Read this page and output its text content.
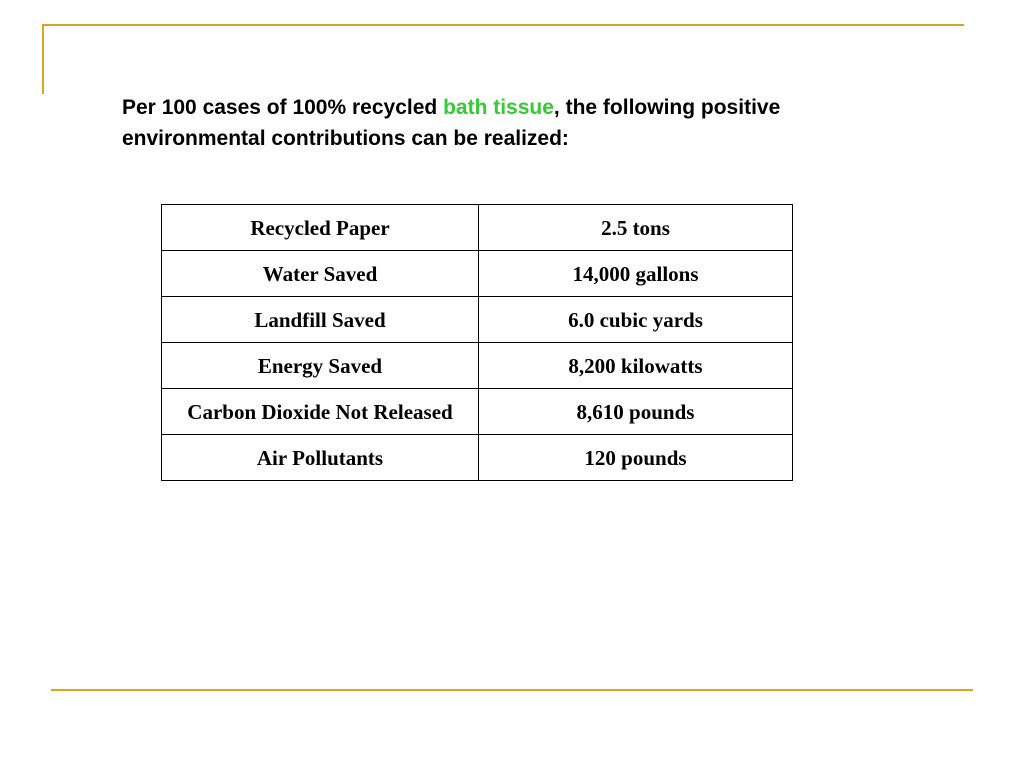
Per 100 cases of 100% recycled bath tissue, the following positive environmental contributions can be realized:

Recycled Paper	2.5 tons
Water Saved	14,000 gallons
Landfill Saved	6.0 cubic yards
Energy Saved	8,200 kilowatts
Carbon Dioxide Not Released	8,610 pounds
Air Pollutants	120 pounds
